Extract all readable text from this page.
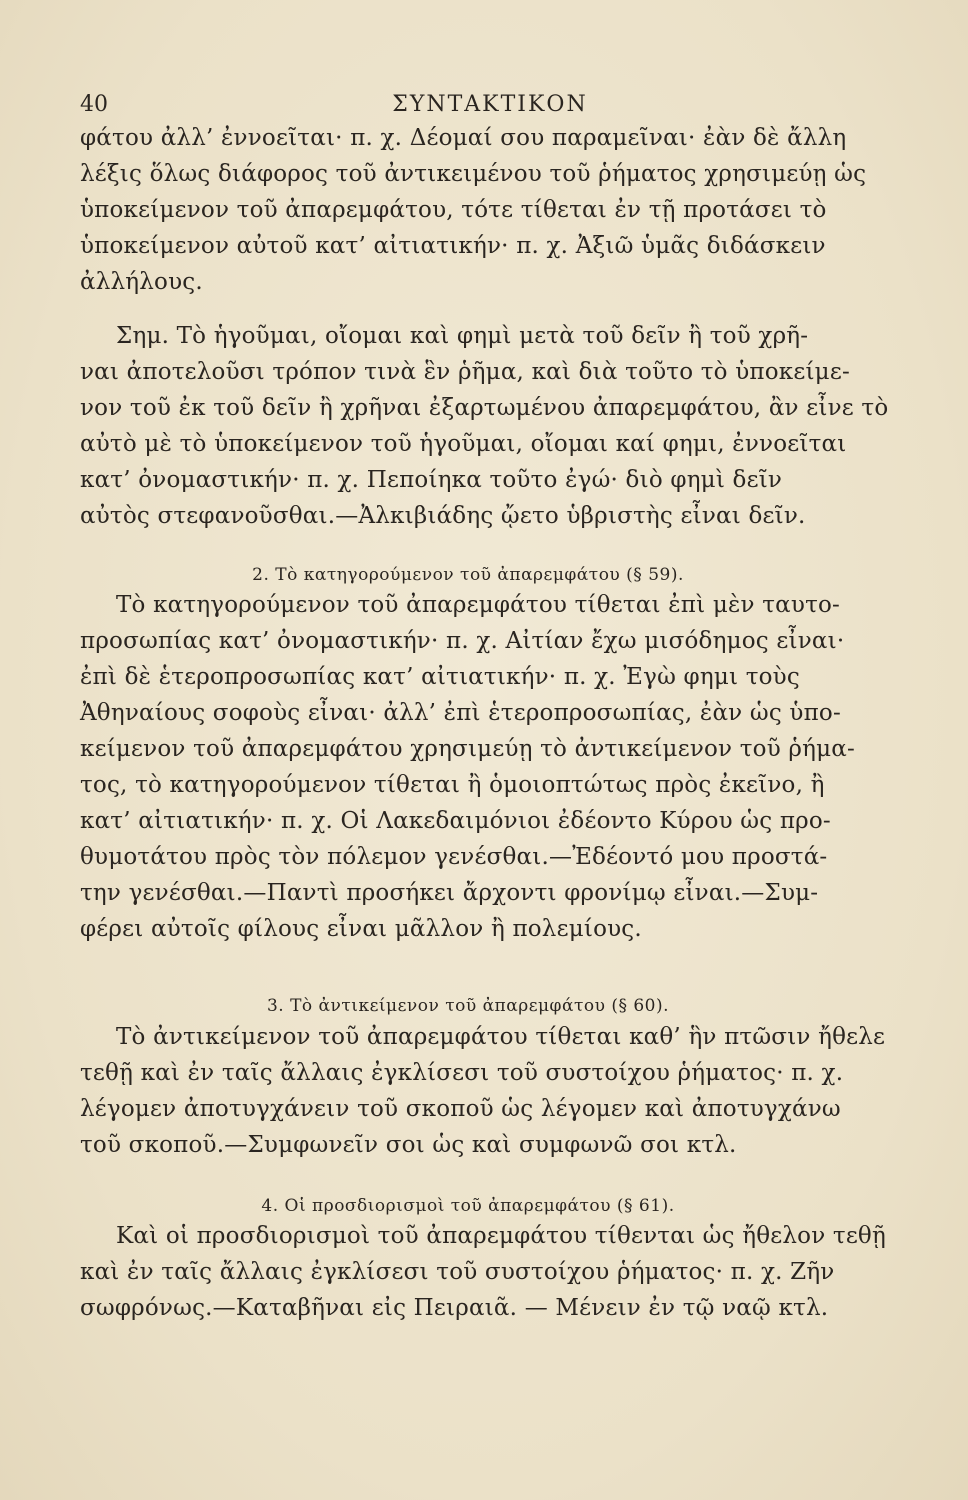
40	ΣΥΝΤΑΚΤΙΚΟΝ
φάτου ἀλλ’ ἐννοεῖται· π. χ. Δέομαί σου παραμεῖναι· ἐὰν δὲ ἄλλη
λέξις ὅλως διάφορος τοῦ ἀντικειμένου τοῦ ῥήματος χρησιμεύῃ ὡς
ὑποκείμενον τοῦ ἀπαρεμφάτου, τότε τίθεται ἐν τῇ προτάσει τὸ
ὑποκείμενον αὐτοῦ κατ’ αἰτιατικήν· π. χ. Ἀξιῶ ὑμᾶς διδάσκειν
ἀλλήλους.
Σημ. Τὸ ἡγοῦμαι, οἴομαι καὶ φημὶ μετὰ τοῦ δεῖν ἢ τοῦ χρῆ-
ναι ἀποτελοῦσι τρόπον τινὰ ἓν ῥῆμα, καὶ διὰ τοῦτο τὸ ὑποκείμε-
νον τοῦ ἐκ τοῦ δεῖν ἢ χρῆναι ἐξαρτωμένου ἀπαρεμφάτου, ἂν εἶνε τὸ
αὐτὸ μὲ τὸ ὑποκείμενον τοῦ ἡγοῦμαι, οἴομαι καί φημι, ἐννοεῖται
κατ’ ὀνομαστικήν· π. χ. Πεποίηκα τοῦτο ἐγώ· διὸ φημὶ δεῖν
αὐτὸς στεφανοῦσθαι.—Ἀλκιβιάδης ᾤετο ὑβριστὴς εἶναι δεῖν.
2. Τὸ κατηγορούμενον τοῦ ἀπαρεμφάτου (§ 59).
Τὸ κατηγορούμενον τοῦ ἀπαρεμφάτου τίθεται ἐπὶ μὲν ταυτο-
προσωπίας κατ’ ὀνομαστικήν· π. χ. Αἰτίαν ἔχω μισόδημος εἶναι·
ἐπὶ δὲ ἑτεροπροσωπίας κατ’ αἰτιατικήν· π. χ. Ἐγὼ φημι τοὺς
Ἀθηναίους σοφοὺς εἶναι· ἀλλ’ ἐπὶ ἑτεροπροσωπίας, ἐὰν ὡς ὑπο-
κείμενον τοῦ ἀπαρεμφάτου χρησιμεύῃ τὸ ἀντικείμενον τοῦ ῥήμα-
τος, τὸ κατηγορούμενον τίθεται ἢ ὁμοιοπτώτως πρὸς ἐκεῖνο, ἢ
κατ’ αἰτιατικήν· π. χ. Οἱ Λακεδαιμόνιοι ἐδέοντο Κύρου ὡς προ-
θυμοτάτου πρὸς τὸν πόλεμον γενέσθαι.—Ἐδέοντό μου προστά-
την γενέσθαι.—Παντὶ προσήκει ἄρχοντι φρονίμῳ εἶναι.—Συμ-
φέρει αὐτοῖς φίλους εἶναι μᾶλλον ἢ πολεμίους.
3. Τὸ ἀντικείμενον τοῦ ἀπαρεμφάτου (§ 60).
Τὸ ἀντικείμενον τοῦ ἀπαρεμφάτου τίθεται καθ’ ἣν πτῶσιν ἤθελε
τεθῇ καὶ ἐν ταῖς ἄλλαις ἐγκλίσεσι τοῦ συστοίχου ῥήματος· π. χ.
λέγομεν ἀποτυγχάνειν τοῦ σκοποῦ ὡς λέγομεν καὶ ἀποτυγχάνω
τοῦ σκοποῦ.—Συμφωνεῖν σοι ὡς καὶ συμφωνῶ σοι κτλ.
4. Οἱ προσδιορισμοὶ τοῦ ἀπαρεμφάτου (§ 61).
Καὶ οἱ προσδιορισμοὶ τοῦ ἀπαρεμφάτου τίθενται ὡς ἤθελον τεθῇ
καὶ ἐν ταῖς ἄλλαις ἐγκλίσεσι τοῦ συστοίχου ῥήματος· π. χ. Ζῆν
σωφρόνως.—Καταβῆναι εἰς Πειραιᾶ. — Μένειν ἐν τῷ ναῷ κτλ.
